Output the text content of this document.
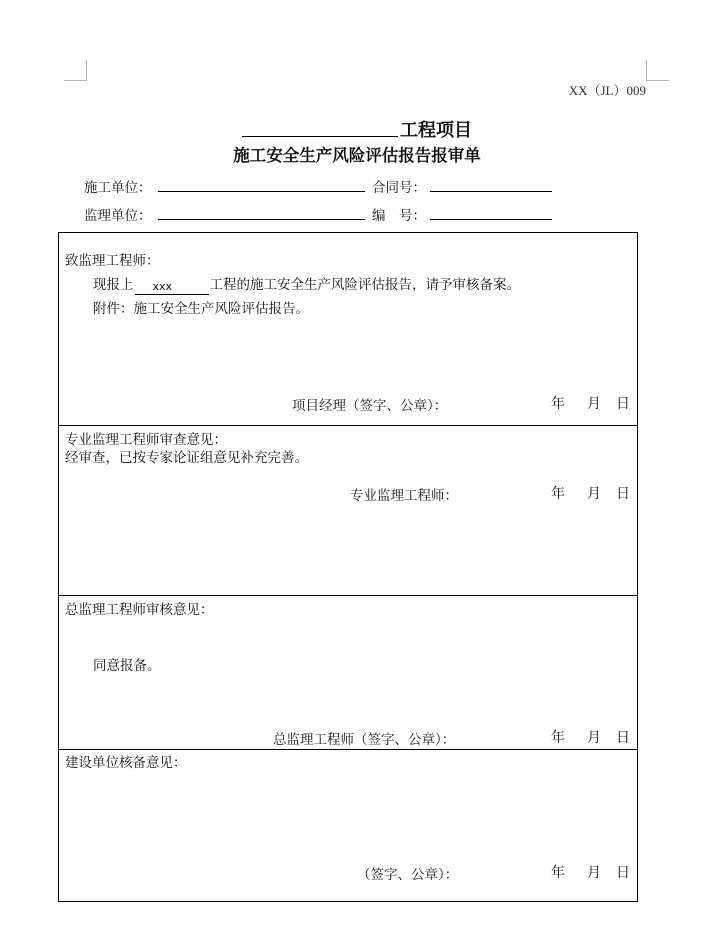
XX（JL）009
工程项目
施工安全生产风险评估报告报审单
施工单位：	合同号：
监理单位：	编　号：
致监理工程师：
现报上 xxx	工程的施工安全生产风险评估报告，请予审核备案。
附件：施工安全生产风险评估报告。
项目经理（签字、公章）：	年 月 日
专业监理工程师审查意见：
经审查，已按专家论证组意见补充完善。
专业监理工程师：	年 月 日
总监理工程师审核意见：
同意报备。
总监理工程师（签字、公章）：	年 月 日
建设单位核备意见：
（签字、公章）：	年 月 日
